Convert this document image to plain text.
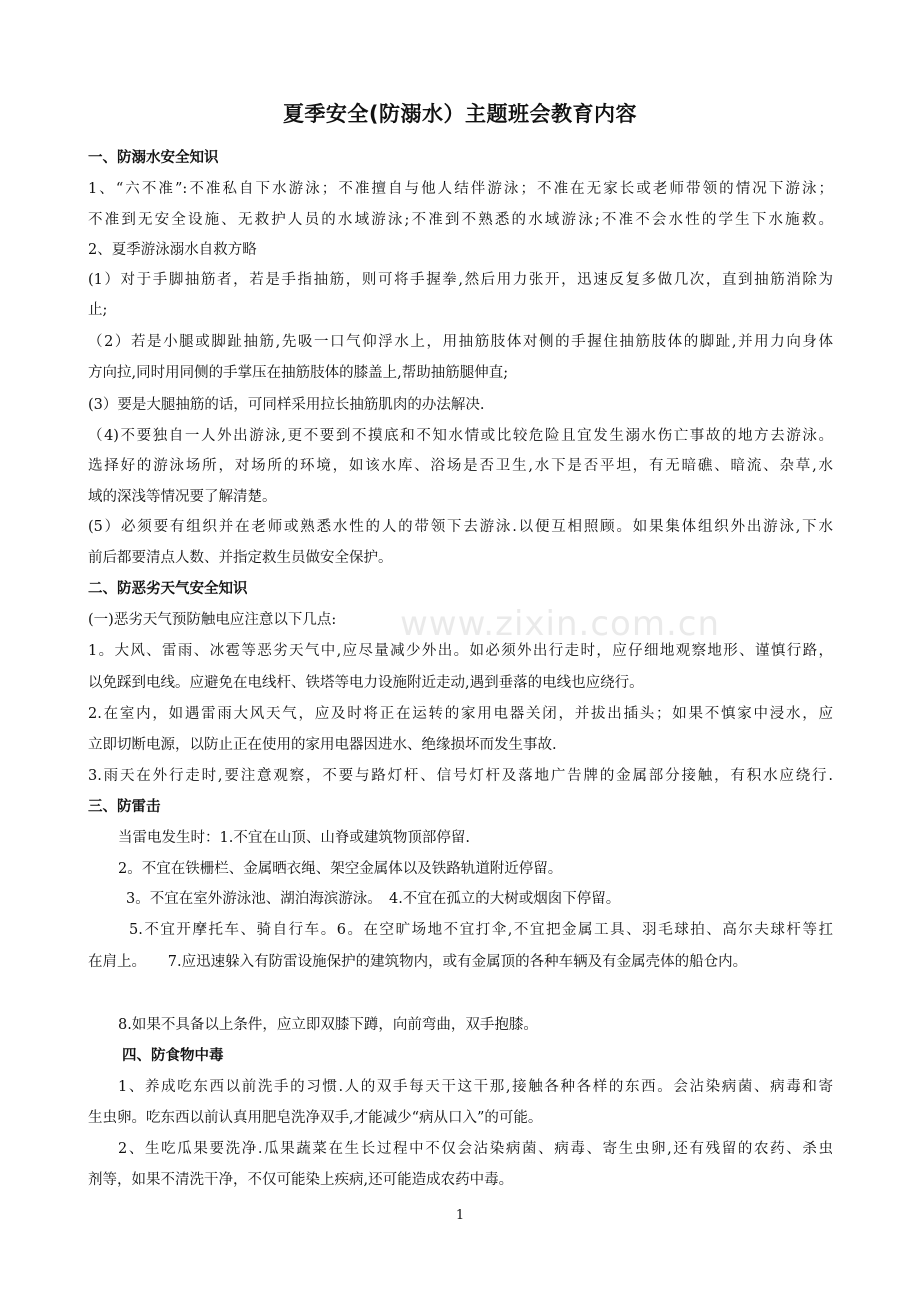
夏季安全(防溺水）主题班会教育内容
www.zixin.com.cn
一、防溺水安全知识
1、“六不准”:不准私自下水游泳；不准擅自与他人结伴游泳；不准在无家长或老师带领的情况下游泳；
不准到无安全设施、无救护人员的水域游泳;不准到不熟悉的水域游泳;不准不会水性的学生下水施救。
2、夏季游泳溺水自救方略
(1）对于手脚抽筋者，若是手指抽筋，则可将手握拳,然后用力张开，迅速反复多做几次，直到抽筋消除为
止;
（2）若是小腿或脚趾抽筋,先吸一口气仰浮水上，用抽筋肢体对侧的手握住抽筋肢体的脚趾,并用力向身体
方向拉,同时用同侧的手掌压在抽筋肢体的膝盖上,帮助抽筋腿伸直;
(3）要是大腿抽筋的话，可同样采用拉长抽筋肌肉的办法解决.
（4)不要独自一人外出游泳,更不要到不摸底和不知水情或比较危险且宜发生溺水伤亡事故的地方去游泳。
选择好的游泳场所，对场所的环境，如该水库、浴场是否卫生,水下是否平坦，有无暗礁、暗流、杂草,水
域的深浅等情况要了解清楚。
(5）必须要有组织并在老师或熟悉水性的人的带领下去游泳.以便互相照顾。如果集体组织外出游泳,下水
前后都要清点人数、并指定救生员做安全保护。
二、防恶劣天气安全知识
(一)恶劣天气预防触电应注意以下几点:
1。大风、雷雨、冰雹等恶劣天气中,应尽量减少外出。如必须外出行走时，应仔细地观察地形、谨慎行路，
以免踩到电线。应避免在电线杆、铁塔等电力设施附近走动,遇到垂落的电线也应绕行。
2.在室内，如遇雷雨大风天气，应及时将正在运转的家用电器关闭，并拔出插头；如果不慎家中浸水，应
立即切断电源，以防止正在使用的家用电器因进水、绝缘损坏而发生事故.
3.雨天在外行走时,要注意观察，不要与路灯杆、信号灯杆及落地广告牌的金属部分接触，有积水应绕行.
三、防雷击
当雷电发生时：1.不宜在山顶、山脊或建筑物顶部停留.
2。不宜在铁栅栏、金属晒衣绳、架空金属体以及铁路轨道附近停留。
3。不宜在室外游泳池、湖泊海滨游泳。　4.不宜在孤立的大树或烟囱下停留。
5.不宜开摩托车、骑自行车。6。在空旷场地不宜打伞,不宜把金属工具、羽毛球拍、高尔夫球杆等扛
在肩上。　　7.应迅速躲入有防雷设施保护的建筑物内，或有金属顶的各种车辆及有金属壳体的船仓内。
8.如果不具备以上条件，应立即双膝下蹲，向前弯曲，双手抱膝。
四、防食物中毒
1、养成吃东西以前洗手的习惯.人的双手每天干这干那,接触各种各样的东西。会沾染病菌、病毒和寄
生虫卵。吃东西以前认真用肥皂洗净双手,才能减少“病从口入”的可能。
2、生吃瓜果要洗净.瓜果蔬菜在生长过程中不仅会沾染病菌、病毒、寄生虫卵,还有残留的农药、杀虫
剂等，如果不清洗干净，不仅可能染上疾病,还可能造成农药中毒。
1
